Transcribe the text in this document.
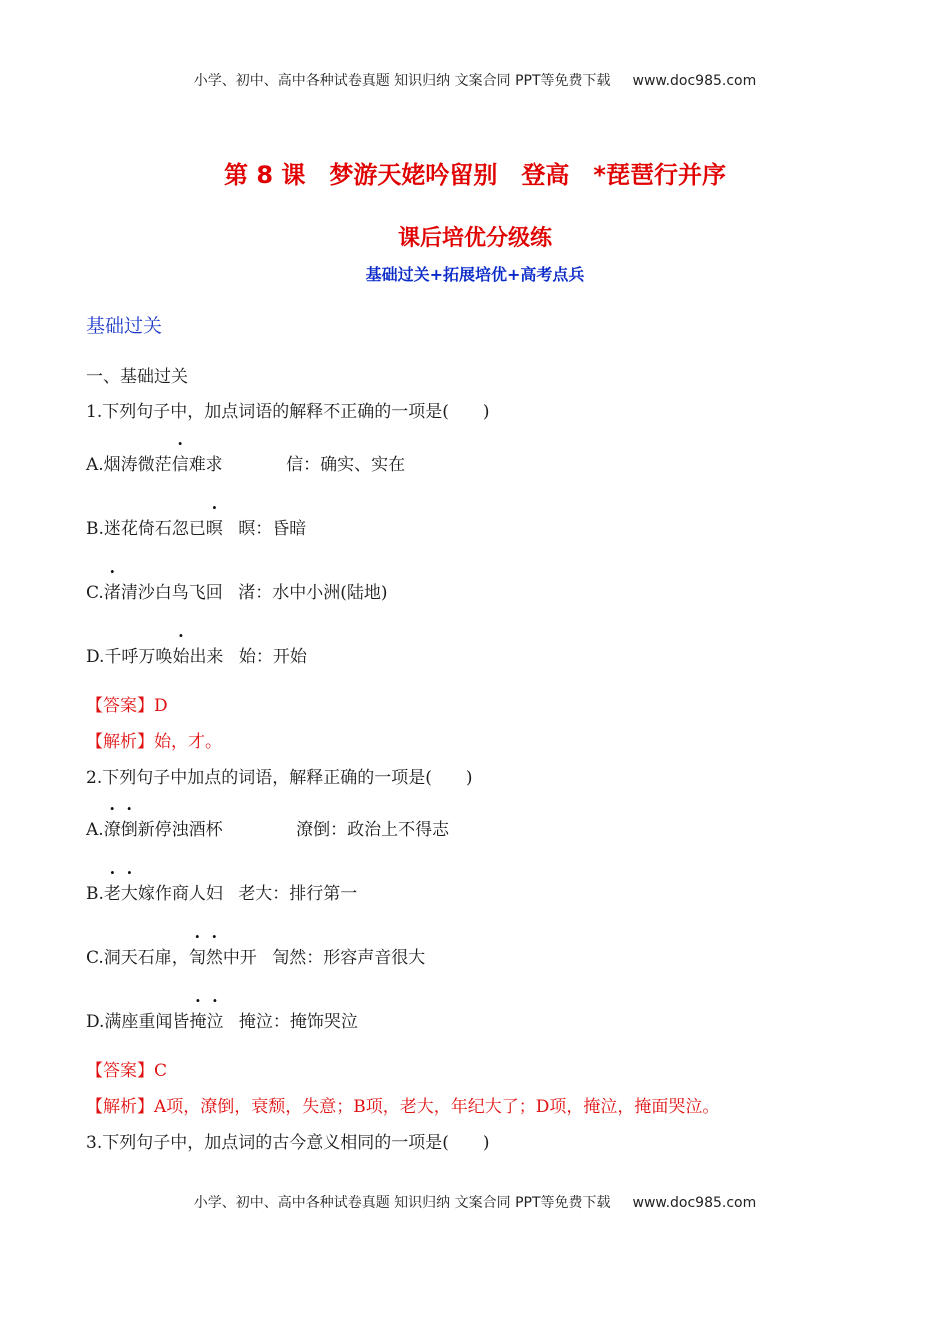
小学、初中、高中各种试卷真题 知识归纳 文案合同 PPT等免费下载 www.doc985.com
第 8 课　梦游天姥吟留别　登高　*琵琶行并序
课后培优分级练
基础过关+拓展培优+高考点兵
基础过关
一、基础过关
1.下列句子中，加点词语的解释不正确的一项是(　　)
A.烟涛微茫信难求	信：确实、实在
B.迷花倚石忽已暝 暝：昏暗
C.渚清沙白鸟飞回 渚：水中小洲(陆地)
D.千呼万唤始出来 始：开始
【答案】D
【解析】始，才。
2.下列句子中加点的词语，解释正确的一项是(　　)
A.潦倒新停浊酒杯	潦倒：政治上不得志
B.老大嫁作商人妇 老大：排行第一
C.洞天石扉，訇然中开 訇然：形容声音很大
D.满座重闻皆掩泣 掩泣：掩饰哭泣
【答案】C
【解析】A项，潦倒，衰颓，失意；B项，老大，年纪大了；D项，掩泣，掩面哭泣。
3.下列句子中，加点词的古今意义相同的一项是(　　)
小学、初中、高中各种试卷真题 知识归纳 文案合同 PPT等免费下载 www.doc985.com
